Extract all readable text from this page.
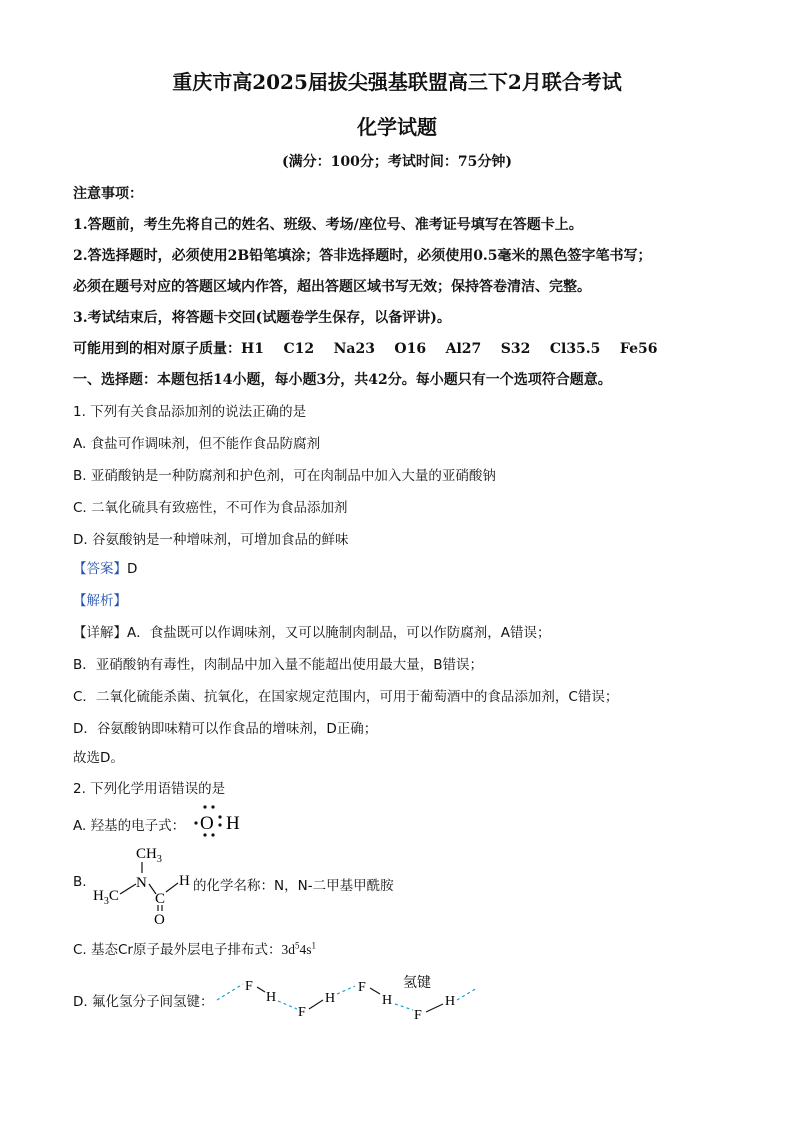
重庆市高2025届拔尖强基联盟高三下2月联合考试
化学试题
(满分：100分；考试时间：75分钟)
注意事项：
1.答题前，考生先将自己的姓名、班级、考场/座位号、准考证号填写在答题卡上。
2.答选择题时，必须使用2B铅笔填涂；答非选择题时，必须使用0.5毫米的黑色签字笔书写；
必须在题号对应的答题区域内作答，超出答题区域书写无效；保持答卷清洁、完整。
3.考试结束后，将答题卡交回(试题卷学生保存，以备评讲)。
可能用到的相对原子质量：H1    C12    Na23    O16    Al27    S32    Cl35.5    Fe56
一、选择题：本题包括14小题，每小题3分，共42分。每小题只有一个选项符合题意。
1. 下列有关食品添加剂的说法正确的是
A. 食盐可作调味剂，但不能作食品防腐剂
B. 亚硝酸钠是一种防腐剂和护色剂，可在肉制品中加入大量的亚硝酸钠
C. 二氧化硫具有致癌性，不可作为食品添加剂
D. 谷氨酸钠是一种增味剂，可增加食品的鲜味
【答案】D
【解析】
【详解】A．食盐既可以作调味剂，又可以腌制肉制品，可以作防腐剂，A错误；
B．亚硝酸钠有毒性，肉制品中加入量不能超出使用最大量，B错误；
C．二氧化硫能杀菌、抗氧化，在国家规定范围内，可用于葡萄酒中的食品添加剂，C错误；
D．谷氨酸钠即味精可以作食品的增味剂，D正确；
故选D。
2. 下列化学用语错误的是
A. 羟基的电子式： O H
B.
$CH_3$
N
$H_3C$ C
H
O
的化学名称：N，N-二甲基甲酰胺
C. 基态Cr原子最外层电子排布式：$3d^54s^1$
D. 氟化氢分子间氢键：
F
H
F
H
F
H
氢键
F
H
